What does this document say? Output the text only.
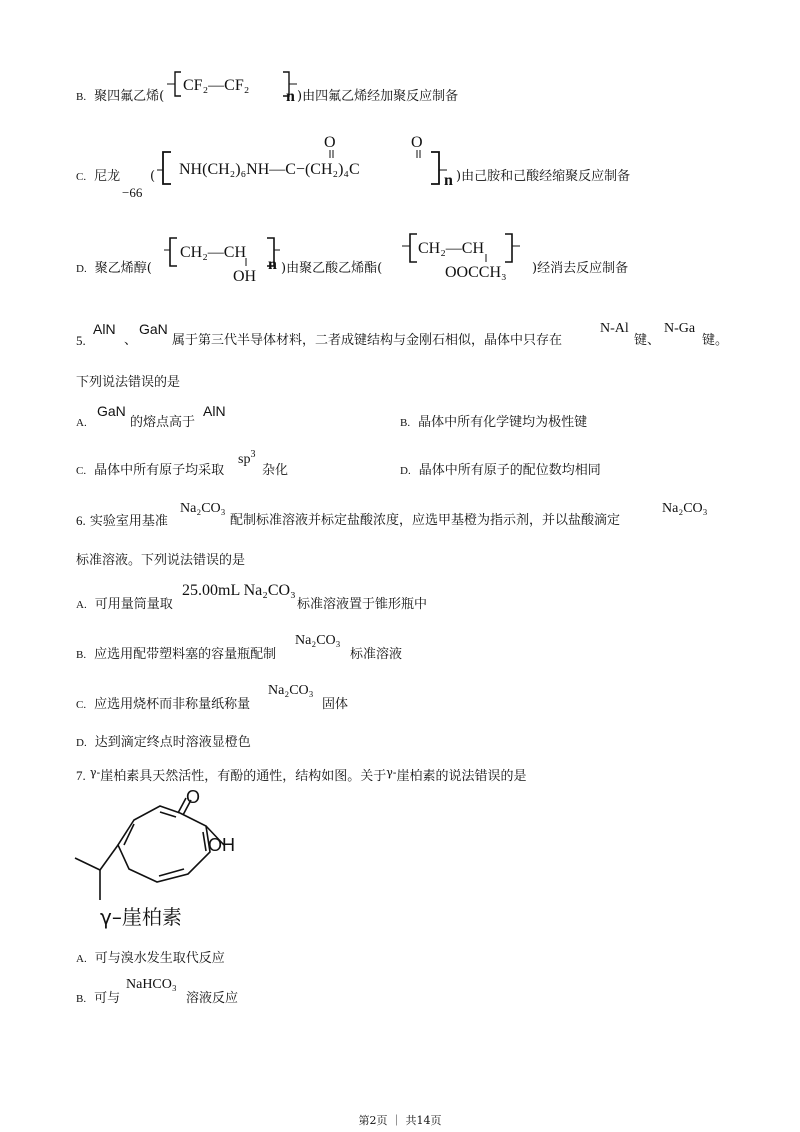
B. 聚四氟乙烯(
CF₂—CF₂
n )由四氟乙烯经加聚反应制备
C. 尼龙
−66
(
O	O
NH(CH₂)₆NH—C−(CH₂)₄C
n )由己胺和己酸经缩聚反应制备
D. 聚乙烯醇(
CH₂—CH
OH
n )由聚乙酸乙烯酯(
CH₂—CH
OOCCH₃ )经消去反应制备
5.
AlN
、
GaN
属于第三代半导体材料，二者成键结构与金刚石相似，晶体中只存在
N-Al
键、
N-Ga
键。
下列说法错误的是
A.
GaN
的熔点高于
AlN
B. 晶体中所有化学键均为极性键
C. 晶体中所有原子均采取
$sp^3$
杂化	D. 晶体中所有原子的配位数均相同
6. 实验室用基准
Na₂CO₃
配制标准溶液并标定盐酸浓度，应选甲基橙为指示剂，并以盐酸滴定
Na₂CO₃
标准溶液。下列说法错误的是
A. 可用量筒量取
25.00mL Na₂CO₃
标准溶液置于锥形瓶中
B. 应选用配带塑料塞的容量瓶配制
Na₂CO₃
标准溶液
C. 应选用烧杯而非称量纸称量
Na₂CO₃
固体
D. 达到滴定终点时溶液显橙色
7. $^{\gamma-}$崖柏素具天然活性，有酚的通性，结构如图。关于$^{\gamma-}$崖柏素的说法错误的是
O
OH
γ–崖柏素
A. 可与溴水发生取代反应
B. 可与
NaHCO₃
溶液反应
第2页 ｜ 共14页
